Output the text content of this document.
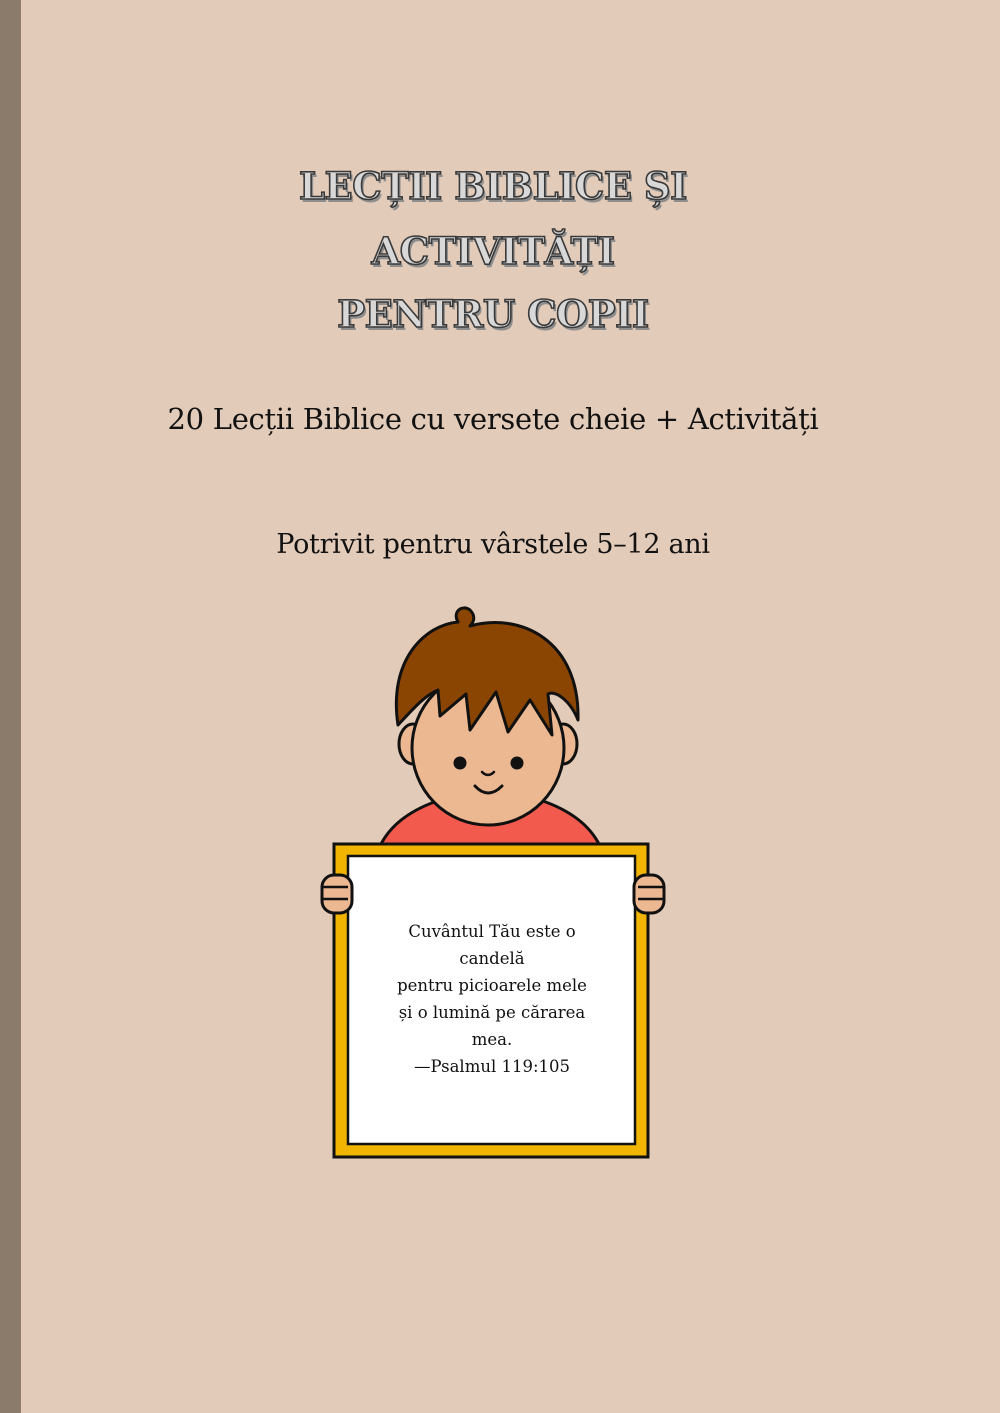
LECȚII BIBLICE ȘI
ACTIVITĂȚI
PENTRU COPII
20 Lecții Biblice cu versete cheie + Activități
Potrivit pentru vârstele 5–12 ani
Cuvântul Tău este o
candelă
pentru picioarele mele
și o lumină pe cărarea
mea.
—Psalmul 119:105
